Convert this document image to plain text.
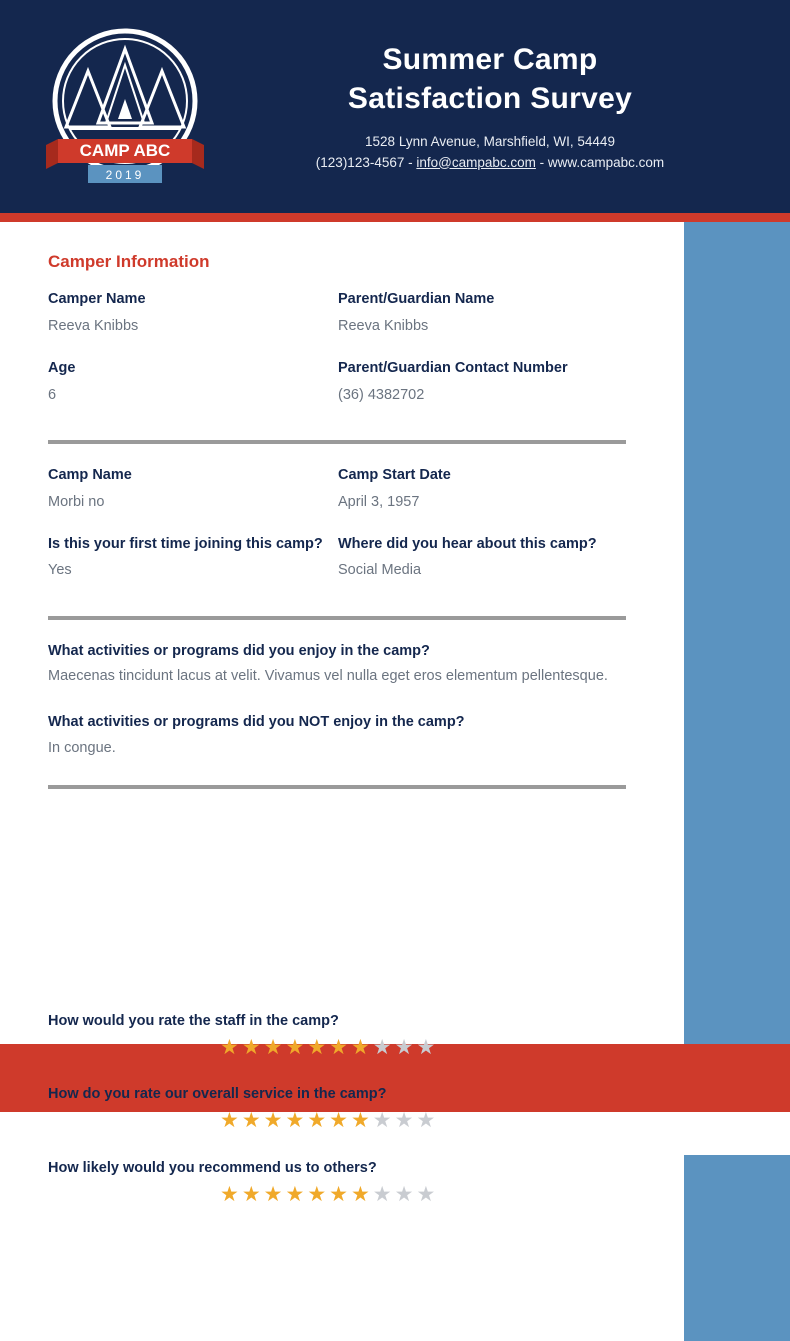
CAMP ABC
2019
Summer Camp
Satisfaction Survey
1528 Lynn Avenue, Marshfield, WI, 54449
(123)123-4567 - info@campabc.com - www.campabc.com
Camper Information
Camper Name
Reeva Knibbs
Parent/Guardian Name
Reeva Knibbs
Age
6
Parent/Guardian Contact Number
(36) 4382702
Camp Name
Morbi no
Camp Start Date
April 3, 1957
Is this your first time joining this camp?
Yes
Where did you hear about this camp?
Social Media
What activities or programs did you enjoy in the camp?
Maecenas tincidunt lacus at velit. Vivamus vel nulla eget eros elementum pellentesque.
What activities or programs did you NOT enjoy in the camp?
In congue.
How would you rate the staff in the camp?
★★★★★★★★★★
How do you rate our overall service in the camp?
★★★★★★★★★★
How likely would you recommend us to others?
★★★★★★★★★★
